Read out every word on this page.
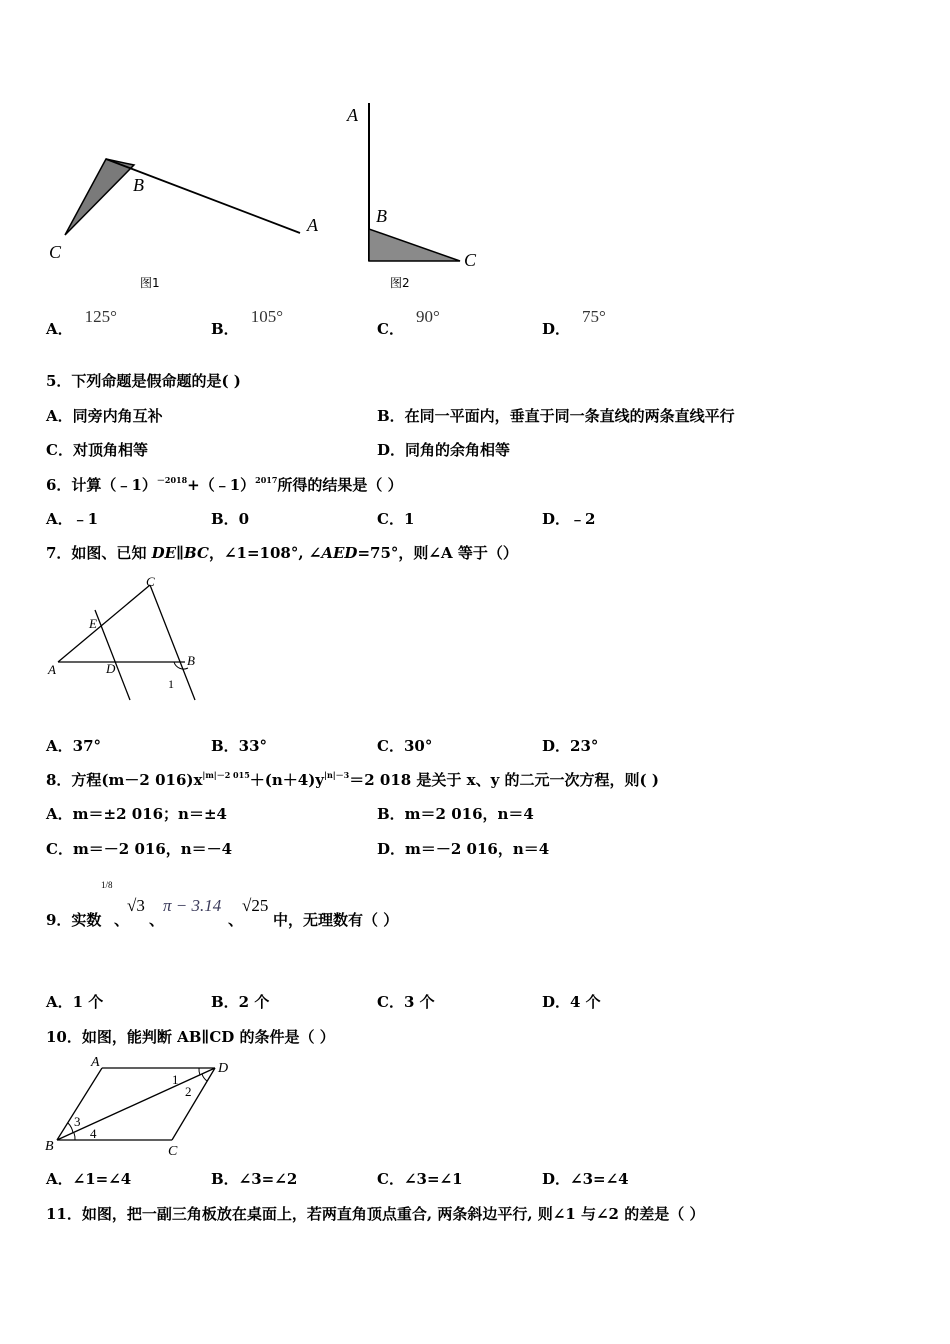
B
A
C
图1
A
B
C
图2
A．125°
B．105°
C．90°
D．75°
5．下列命题是假命题的是( )
A．同旁内角互补	B．在同一平面内，垂直于同一条直线的两条直线平行
C．对顶角相等	D．同角的余角相等
6．计算（﹣1）$^{-2018}$+（﹣1）$^{2017}$所得的结果是（ ）
A．﹣1	B．0	C．1	D．﹣2
7．如图、已知 DE∥BC，∠1=108°, ∠AED=75°，则∠A 等于（）
C
E
A	D
B
1
A．37°	B．33°	C．30°	D．23°
8．方程(m－2 $016)x^{|m|-2 015}+(n+4)y^{|n|-3}=2$ 018 是关于 x、y 的二元一次方程，则( )
A．m＝±2 016；n＝±4	B．m＝2 016，n＝4
C．m＝－2 016，n＝－4	D．m＝－2 016，n＝4
9．实数
1/8
、
√3
、
π − 3.14
、
√25
中，无理数有（ ）
A．1 个	B．2 个	C．3 个	D．4 个
10．如图，能判断 AB∥CD 的条件是（ ）
A	D
B	C
1
2
3
4
A．∠1=∠4	B．∠3=∠2	C．∠3=∠1	D．∠3=∠4
11．如图，把一副三角板放在桌面上，若两直角顶点重合, 两条斜边平行, 则∠1 与∠2 的差是（ ）
